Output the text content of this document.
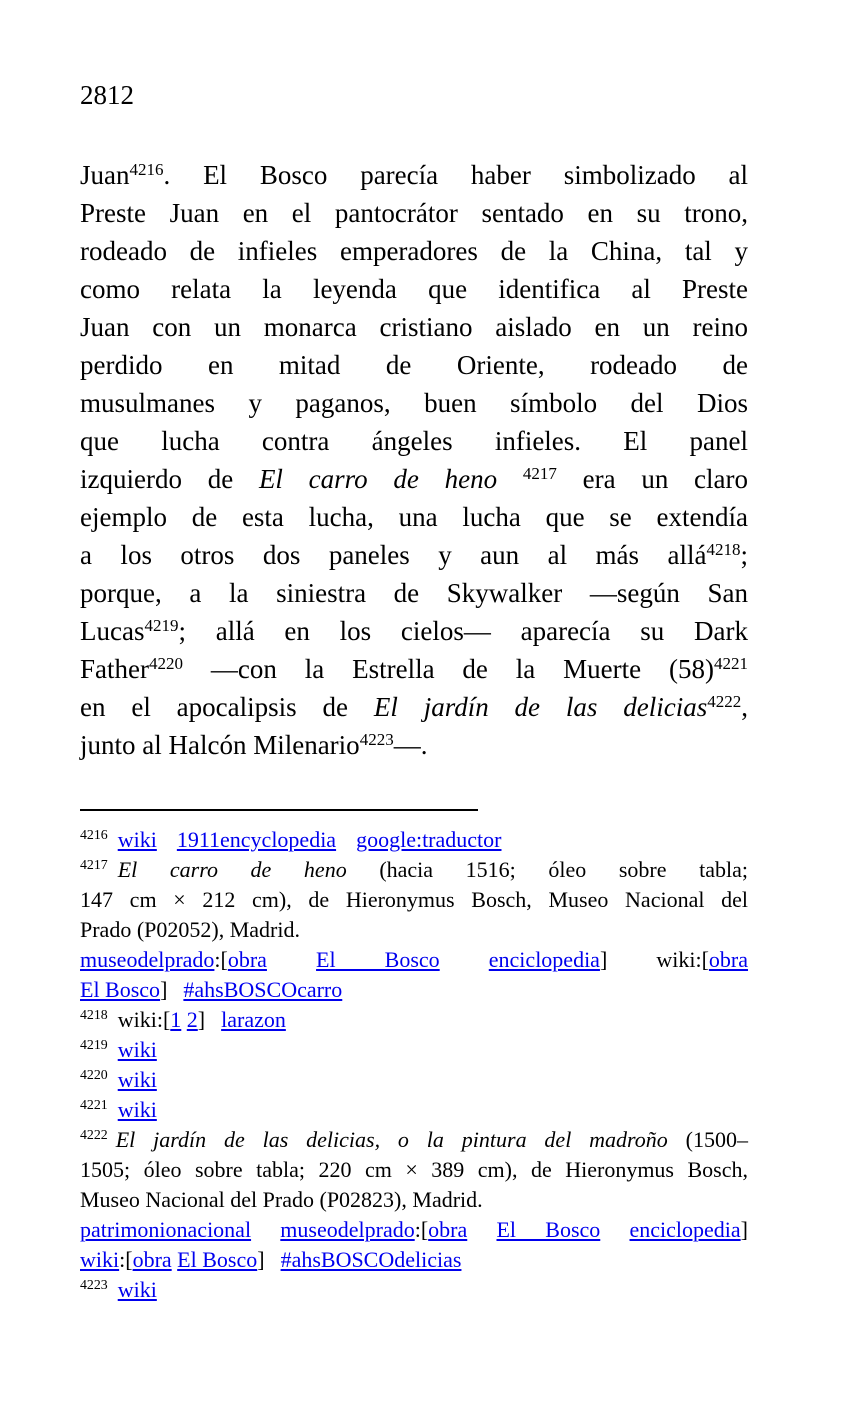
2812
Juan$^{4216}$. El Bosco parecía haber simbolizado al
Preste Juan en el pantocrátor sentado en su trono,
rodeado de infieles emperadores de la China, tal y
como relata la leyenda que identifica al Preste
Juan con un monarca cristiano aislado en un reino
perdido en mitad de Oriente, rodeado de
musulmanes y paganos, buen símbolo del Dios
que lucha contra ángeles infieles. El panel
izquierdo de El carro de heno $^{4217}$ era un claro
ejemplo de esta lucha, una lucha que se extendía
a los otros dos paneles y aun al más allá$^{4218}$;
porque, a la siniestra de Skywalker —según San
Lucas$^{4219}$; allá en los cielos— aparecía su Dark
Father$^{4220}$ —con la Estrella de la Muerte $(58)^{4221}$
en el apocalipsis de El jardín de las delicias$^{4222}$,
junto al Halcón Milenario$^{4223}$—.
$^{4216}$ wiki 1911encyclopedia google:traductor
$^{4217}$ El carro de heno (hacia 1516; óleo sobre tabla;
147 cm × 212 cm), de Hieronymus Bosch, Museo Nacional del
Prado (P02052), Madrid.
museodelprado:[obra El Bosco enciclopedia] wiki:[obra
El Bosco] #ahsBOSCOcarro
$^{4218}$ wiki:[1 2] larazon
$^{4219}$ wiki
$^{4220}$ wiki
$^{4221}$ wiki
$^{4222}$ El jardín de las delicias, o la pintura del madroño (1500–
1505; óleo sobre tabla; 220 cm × 389 cm), de Hieronymus Bosch,
Museo Nacional del Prado (P02823), Madrid.
patrimonionacional museodelprado:[obra El Bosco enciclopedia]
wiki:[obra El Bosco] #ahsBOSCOdelicias
$^{4223}$ wiki
